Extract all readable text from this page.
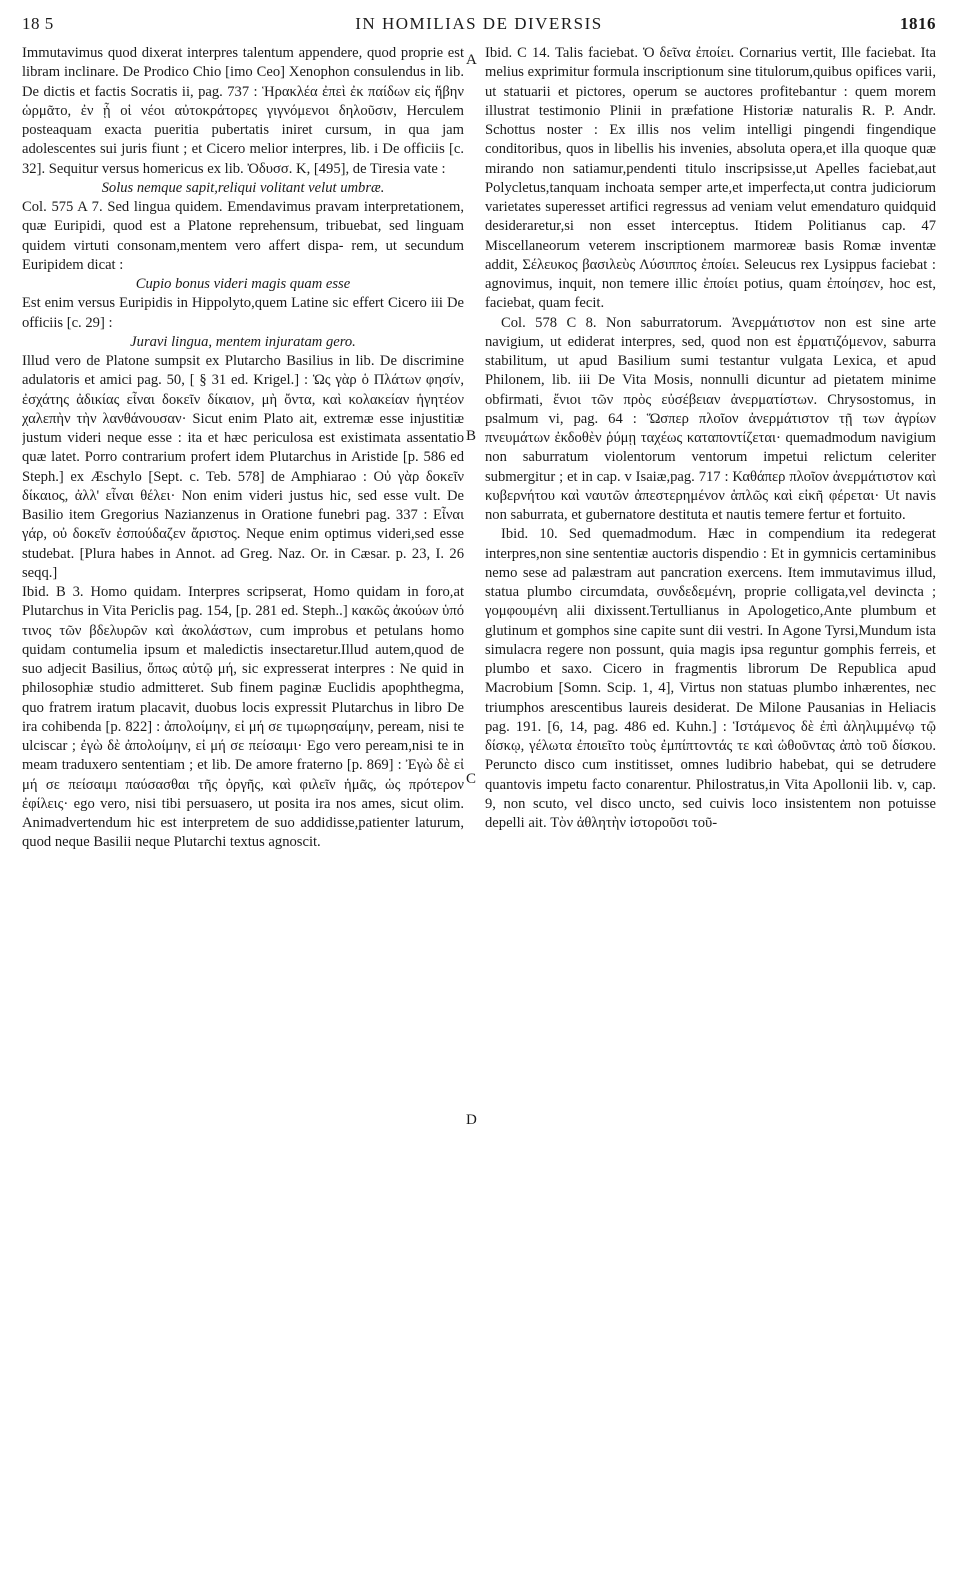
18 5	IN HOMILIAS DE DIVERSIS	1816

Immutavimus quod dixerat interpres talentum appendere, quod proprie est libram inclinare. De Prodico Chio [imo Ceo] Xenophon consulendus in lib. De dictis et factis Socratis ii, pag. 737 : Ἡρακλέα ἐπεὶ ἐκ παίδων εἰς ἥβην ὡρμᾶτο, ἐν ᾗ οἱ νέοι αὐτοκράτορες γιγνόμενοι δηλοῦσιν, Herculem posteaquam exacta pueritia pubertatis iniret cursum, in qua jam adolescentes sui juris fiunt ; et Cicero melior interpres, lib. i De officiis [c. 32]. Sequitur versus homericus ex lib. Ὀδυσσ. Κ, [495], de Tiresia vate :

Solus nemque sapit,reliqui volitant velut umbræ.

Col. 575 A 7. Sed lingua quidem. Emendavimus pravam interpretationem, quæ Euripidi, quod est a Platone reprehensum, tribuebat, sed linguam quidem virtuti consonam,mentem vero affert dispa- rem, ut secundum Euripidem dicat :

Cupio bonus videri magis quam esse

Est enim versus Euripidis in Hippolyto,quem Latine sic effert Cicero iii De officiis [c. 29] :

Juravi lingua, mentem injuratam gero.

Illud vero de Platone sumpsit ex Plutarcho Basilius in lib. De discrimine adulatoris et amici pag. 50, [ § 31 ed. Krigel.] : Ὡς γὰρ ὁ Πλάτων φησίν, ἐσχάτης ἀδικίας εἶναι δοκεῖν δίκαιον, μὴ ὄντα, καὶ κολακείαν ἡγητέον χαλεπὴν τὴν λανθάνουσαν· Sicut enim Plato ait, extremæ esse injustitiæ justum videri neque esse : ita et hæc periculosa est existimata assentatio quæ latet. Porro contrarium profert idem Plutarchus in Aristide [p. 586 ed Steph.] ex Æschylo [Sept. c. Teb. 578] de Amphiarao : Οὐ γὰρ δοκεῖν δίκαιος, ἀλλ' εἶναι θέλει· Non enim videri justus hic, sed esse vult. De Basilio item Gregorius Nazianzenus in Oratione funebri pag. 337 : Εἶναι γάρ, οὐ δοκεῖν ἐσπούδαζεν ἄριστος. Neque enim optimus videri,sed esse studebat. [Plura habes in Annot. ad Greg. Naz. Or. in Cæsar. p. 23, I. 26 seqq.]

Ibid. B 3. Homo quidam. Interpres scripserat, Homo quidam in foro,at Plutarchus in Vita Periclis pag. 154, [p. 281 ed. Steph..] κακῶς ἀκούων ὑπό τινος τῶν βδελυρῶν καὶ ἀκολάστων, cum improbus et petulans homo quidam contumelia ipsum et maledictis insectaretur.Illud autem,quod de suo adjecit Basilius, ὅπως αὐτῷ μή, sic expresserat interpres : Ne quid in philosophiæ studio admitteret. Sub finem paginæ Euclidis apophthegma, quo fratrem iratum placavit, duobus locis expressit Plutarchus in libro De ira cohibenda [p. 822] : ἀπολοίμην, εἰ μή σε τιμωρησαίμην, peream, nisi te ulciscar ; ἐγὼ δὲ ἀπολοίμην, εἰ μή σε πείσαιμι· Ego vero peream,nisi te in meam traduxero sententiam ; et lib. De amore fraterno [p. 869] : Ἐγὼ δὲ εἰ μή σε πείσαιμι παύσασθαι τῆς ὀργῆς, καὶ φιλεῖν ἡμᾶς, ὡς πρότερον ἐφίλεις· ego vero, nisi tibi persuasero, ut posita ira nos ames, sicut olim. Animadvertendum hic est interpretem de suo addidisse,patienter laturum, quod neque Basilii neque Plutarchi textus agnoscit.

A
B
C
D

Ibid. C 14. Talis faciebat. Ὁ δεῖνα ἐποίει. Cornarius vertit, Ille faciebat. Ita melius exprimitur formula inscriptionum sine titulorum,quibus opifices varii, ut statuarii et pictores, operum se auctores profitebantur : quem morem illustrat testimonio Plinii in præfatione Historiæ naturalis R. P. Andr. Schottus noster : Ex illis nos velim intelligi pingendi fingendique conditoribus, quos in libellis his invenies, absoluta opera,et illa quoque quæ mirando non satiamur,pendenti titulo inscripsisse,ut Apelles faciebat,aut Polycletus,tanquam inchoata semper arte,et imperfecta,ut contra judiciorum varietates superesset artifici regressus ad veniam velut emendaturo quidquid desideraretur,si non esset interceptus. Itidem Politianus cap. 47 Miscellaneorum veterem inscriptionem marmoreæ basis Romæ inventæ addit, Σέλευκος βασιλεὺς Λύσιππος ἐποίει. Seleucus rex Lysippus faciebat : agnovimus, inquit, non temere illic ἐποίει potius, quam ἐποίησεν, hoc est, faciebat, quam fecit.

Col. 578 C 8. Non saburratorum. Ἀνερμάτιστον non est sine arte navigium, ut ediderat interpres, sed, quod non est ἑρματιζόμενον, saburra stabilitum, ut apud Basilium sumi testantur vulgata Lexica, et apud Philonem, lib. iii De Vita Mosis, nonnulli dicuntur ad pietatem minime obfirmati, ἔνιοι τῶν πρὸς εὐσέβειαν ἀνερματίστων. Chrysostomus, in psalmum vi, pag. 64 : Ὥσπερ πλοῖον ἀνερμάτιστον τῇ των ἀγρίων πνευμάτων ἐκδοθὲν ῥύμῃ ταχέως καταποντίζεται· quemadmodum navigium non saburratum violentorum ventorum impetui relictum celeriter submergitur ; et in cap. v Isaiæ,pag. 717 : Καθάπερ πλοῖον ἀνερμάτιστον καὶ κυβερνήτου καὶ ναυτῶν ἀπεστερημένον ἁπλῶς καὶ εἰκῆ φέρεται· Ut navis non saburrata, et gubernatore destituta et nautis temere fertur et fortuito.

Ibid. 10. Sed quemadmodum. Hæc in compendium ita redegerat interpres,non sine sententiæ auctoris dispendio : Et in gymnicis certaminibus nemo sese ad palæstram aut pancration exercens. Item immutavimus illud, statua plumbo circumdata, συνδεδεμένη, proprie colligata,vel devincta ; γομφουμένη alii dixissent.Tertullianus in Apologetico,Ante plumbum et glutinum et gomphos sine capite sunt dii vestri. In Agone Tyrsi,Mundum ista simulacra regere non possunt, quia magis ipsa reguntur gomphis ferreis, et plumbo et saxo. Cicero in fragmentis librorum De Republica apud Macrobium [Somn. Scip. 1, 4], Virtus non statuas plumbo inhærentes, nec triumphos arescentibus laureis desiderat. De Milone Pausanias in Heliacis pag. 191. [6, 14, pag. 486 ed. Kuhn.] : Ἱστάμενος δὲ ἐπὶ ἀληλιμμένῳ τῷ δίσκῳ, γέλωτα ἐποιεῖτο τοὺς ἐμπίπτοντάς τε καὶ ὠθοῦντας ἀπὸ τοῦ δίσκου. Peruncto disco cum institisset, omnes ludibrio habebat, qui se detrudere quantovis impetu facto conarentur. Philostratus,in Vita Apollonii lib. v, cap. 9, non scuto, vel disco uncto, sed cuivis loco insistentem non potuisse depelli ait. Τὸν ἀθλητὴν ἱστοροῦσι τοῦ-
